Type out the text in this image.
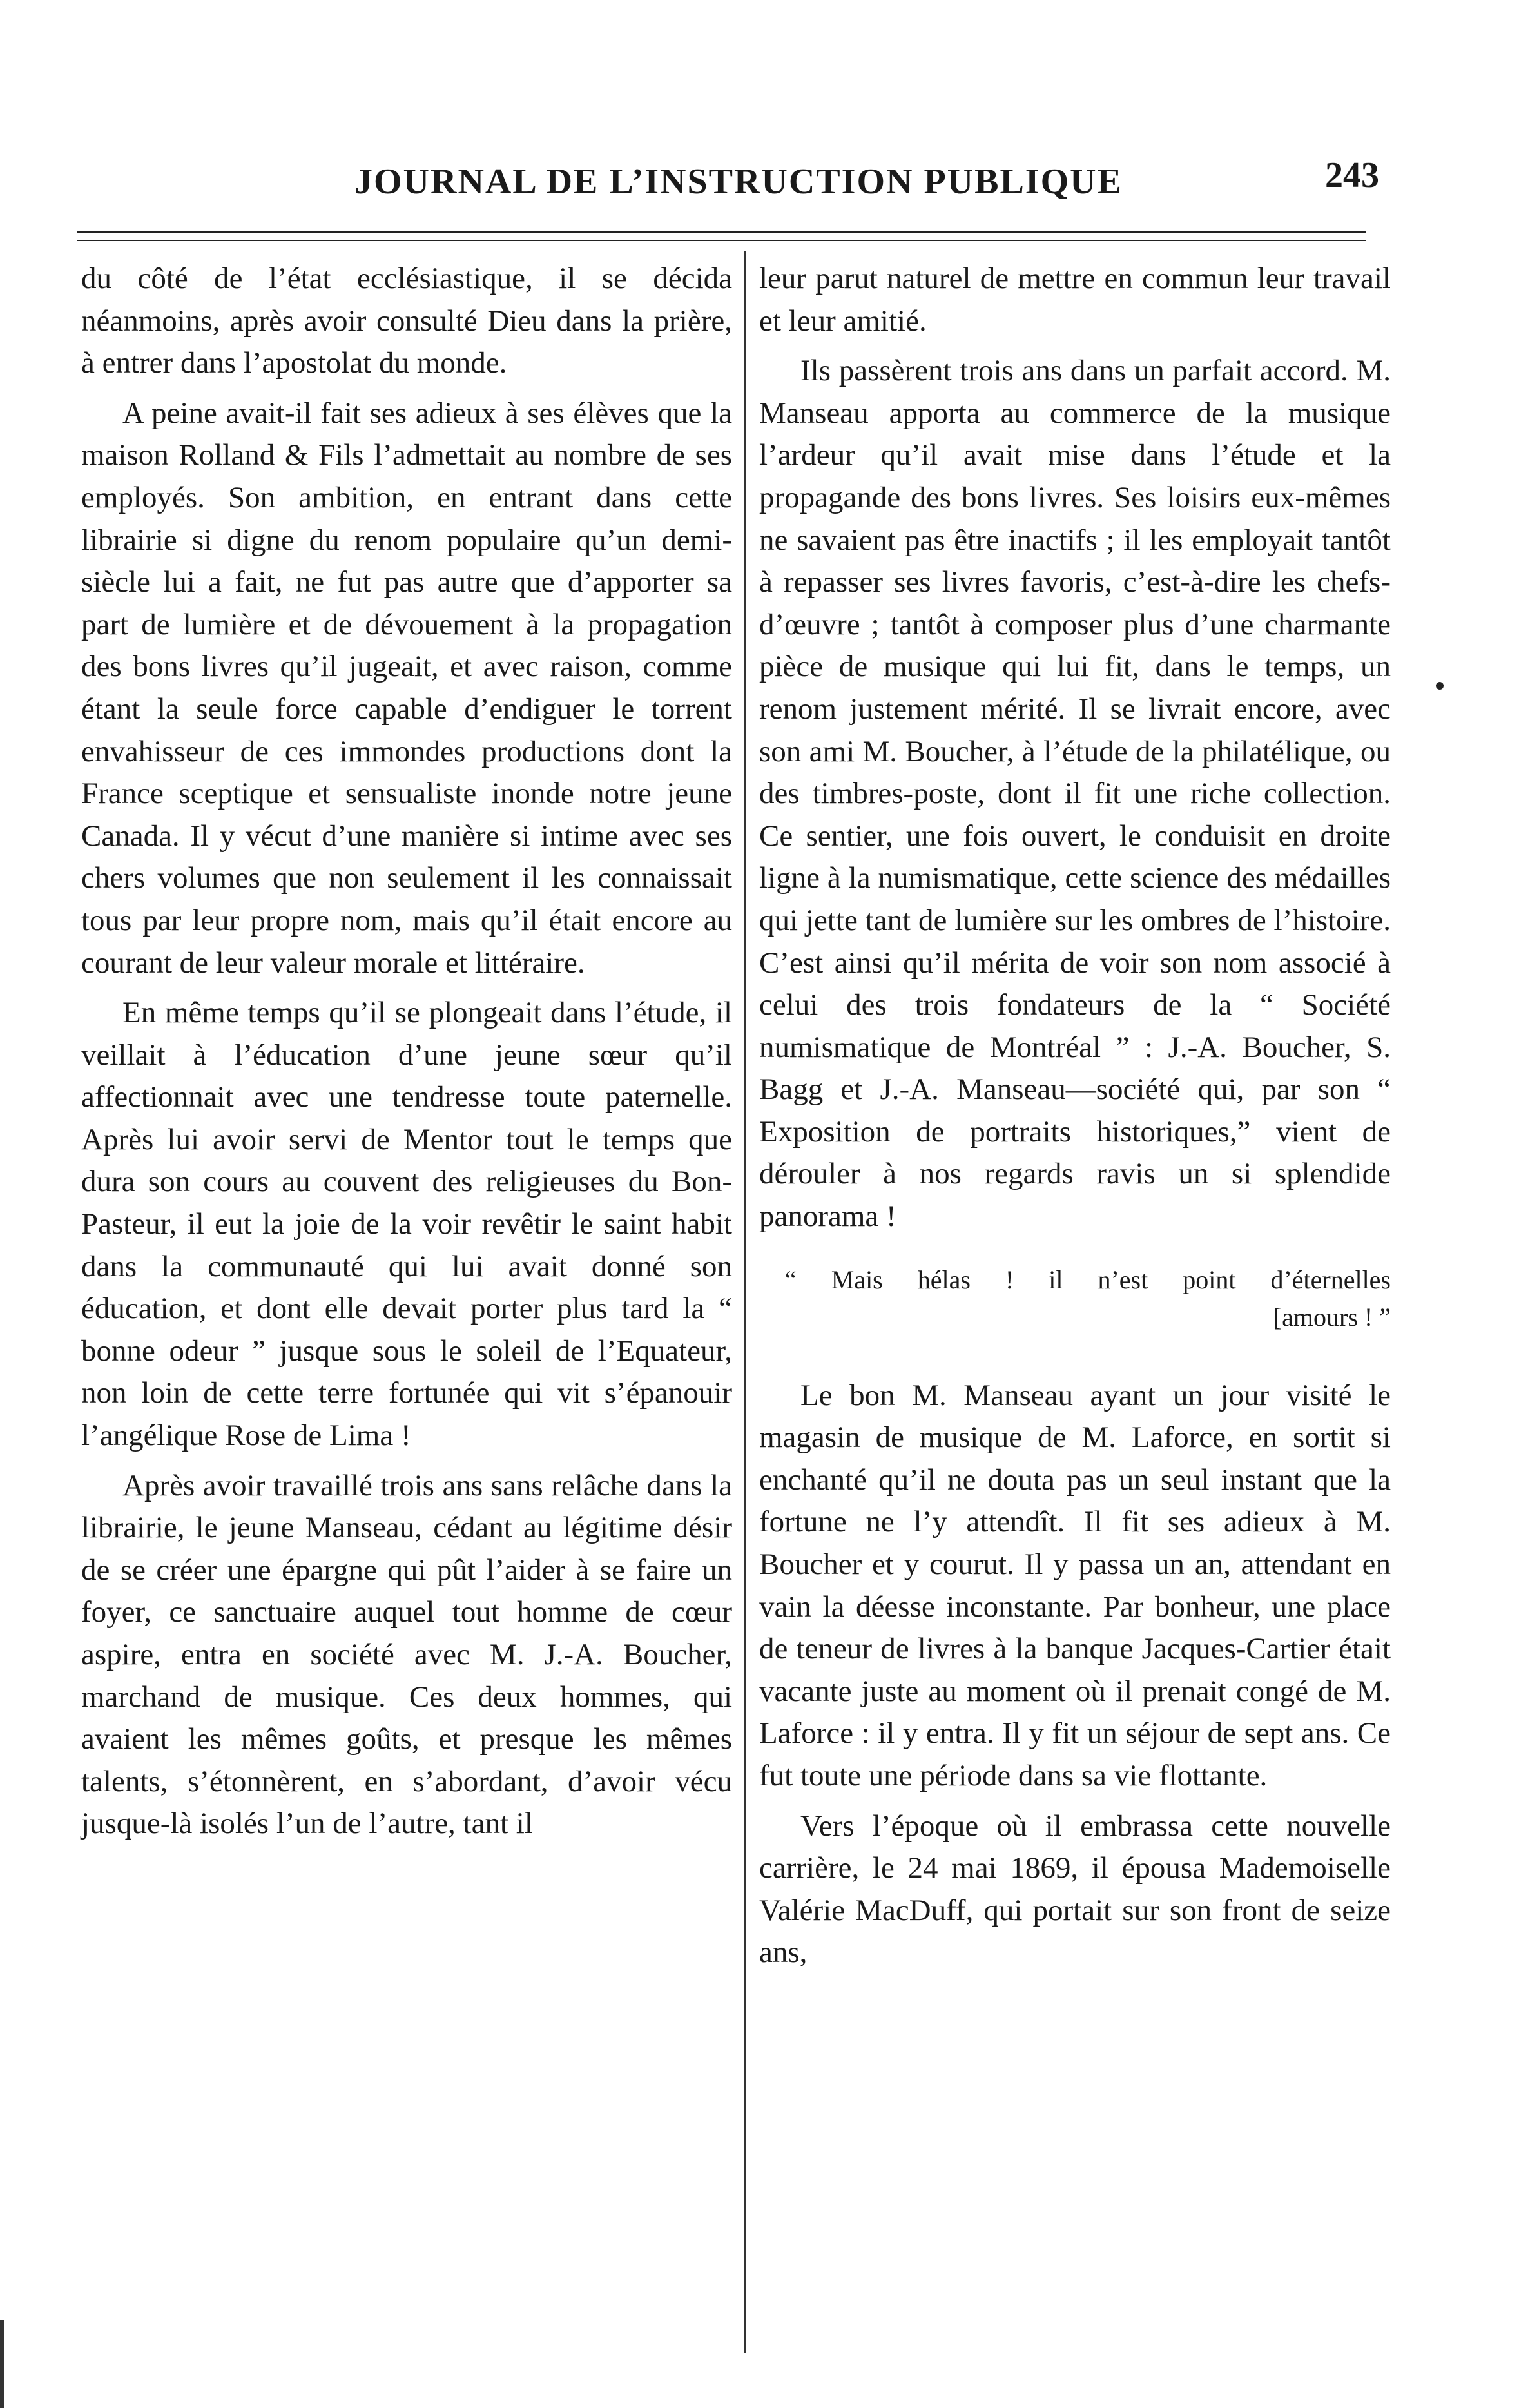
JOURNAL DE L’INSTRUCTION PUBLIQUE	243

du côté de l’état ecclésiastique, il se décida néanmoins, après avoir consulté Dieu dans la prière, à entrer dans l’apostolat du monde.

A peine avait-il fait ses adieux à ses élèves que la maison Rolland & Fils l’admettait au nombre de ses employés. Son ambition, en entrant dans cette librairie si digne du renom populaire qu’un demi-siècle lui a fait, ne fut pas autre que d’apporter sa part de lumière et de dévouement à la propagation des bons livres qu’il jugeait, et avec raison, comme étant la seule force capable d’endiguer le torrent envahisseur de ces immondes productions dont la France sceptique et sensualiste inonde notre jeune Canada. Il y vécut d’une manière si intime avec ses chers volumes que non seulement il les connaissait tous par leur propre nom, mais qu’il était encore au courant de leur valeur morale et littéraire.

En même temps qu’il se plongeait dans l’étude, il veillait à l’éducation d’une jeune sœur qu’il affectionnait avec une tendresse toute paternelle. Après lui avoir servi de Mentor tout le temps que dura son cours au couvent des religieuses du Bon-Pasteur, il eut la joie de la voir revêtir le saint habit dans la communauté qui lui avait donné son éducation, et dont elle devait porter plus tard la “ bonne odeur ” jusque sous le soleil de l’Equateur, non loin de cette terre fortunée qui vit s’épanouir l’angélique Rose de Lima !

Après avoir travaillé trois ans sans relâche dans la librairie, le jeune Manseau, cédant au légitime désir de se créer une épargne qui pût l’aider à se faire un foyer, ce sanctuaire auquel tout homme de cœur aspire, entra en société avec M. J.-A. Boucher, marchand de musique. Ces deux hommes, qui avaient les mêmes goûts, et presque les mêmes talents, s’étonnèrent, en s’abordant, d’avoir vécu jusque-là isolés l’un de l’autre, tant il

leur parut naturel de mettre en commun leur travail et leur amitié.

Ils passèrent trois ans dans un parfait accord. M. Manseau apporta au commerce de la musique l’ardeur qu’il avait mise dans l’étude et la propagande des bons livres. Ses loisirs eux-mêmes ne savaient pas être inactifs ; il les employait tantôt à repasser ses livres favoris, c’est-à-dire les chefs-d’œuvre ; tantôt à composer plus d’une charmante pièce de musique qui lui fit, dans le temps, un renom justement mérité. Il se livrait encore, avec son ami M. Boucher, à l’étude de la philatélique, ou des timbres-poste, dont il fit une riche collection. Ce sentier, une fois ouvert, le conduisit en droite ligne à la numismatique, cette science des médailles qui jette tant de lumière sur les ombres de l’histoire. C’est ainsi qu’il mérita de voir son nom associé à celui des trois fondateurs de la “ Société numismatique de Montréal ” : J.-A. Boucher, S. Bagg et J.-A. Manseau—société qui, par son “ Exposition de portraits historiques,” vient de dérouler à nos regards ravis un si splendide panorama !

“ Mais hélas ! il n’est point d’éternelles
[amours ! ”

Le bon M. Manseau ayant un jour visité le magasin de musique de M. Laforce, en sortit si enchanté qu’il ne douta pas un seul instant que la fortune ne l’y attendît. Il fit ses adieux à M. Boucher et y courut. Il y passa un an, attendant en vain la déesse inconstante. Par bonheur, une place de teneur de livres à la banque Jacques-Cartier était vacante juste au moment où il prenait congé de M. Laforce : il y entra. Il y fit un séjour de sept ans. Ce fut toute une période dans sa vie flottante.

Vers l’époque où il embrassa cette nouvelle carrière, le 24 mai 1869, il épousa Mademoiselle Valérie MacDuff, qui portait sur son front de seize ans,
